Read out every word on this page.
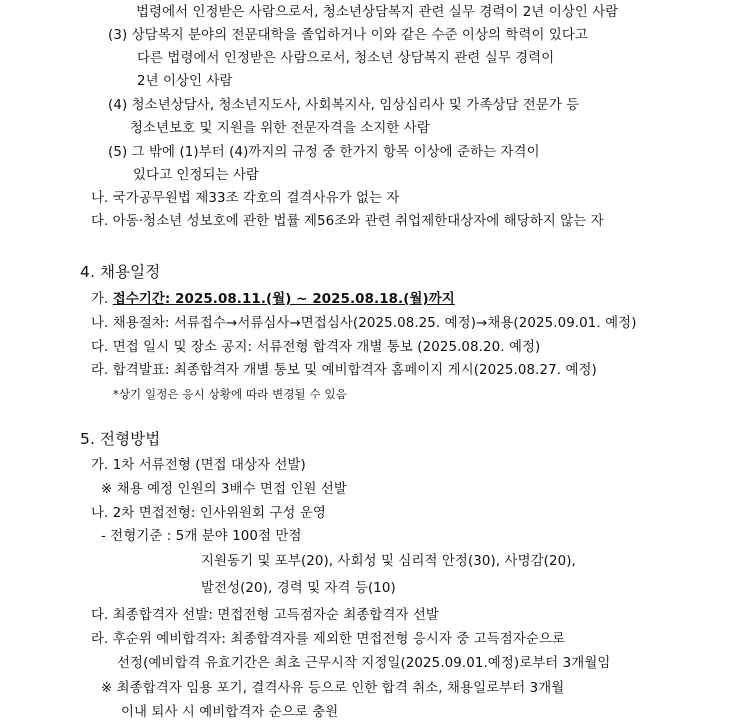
법령에서 인정받은 사람으로서, 청소년상담복지 관련 실무 경력이 2년 이상인 사람
(3) 상담복지 분야의 전문대학을 졸업하거나 이와 같은 수준 이상의 학력이 있다고
다른 법령에서 인정받은 사람으로서, 청소년 상담복지 관련 실무 경력이
2년 이상인 사람
(4) 청소년상담사, 청소년지도사, 사회복지사, 임상심리사 및 가족상담 전문가 등
청소년보호 및 지원을 위한 전문자격을 소지한 사람
(5) 그 밖에 (1)부터 (4)까지의 규정 중 한가지 항목 이상에 준하는 자격이
있다고 인정되는 사람
나. 국가공무원법 제33조 각호의 결격사유가 없는 자
다. 아동·청소년 성보호에 관한 법률 제56조와 관련 취업제한대상자에 해당하지 않는 자
4. 채용일정
가. 접수기간: 2025.08.11.(월) ~ 2025.08.18.(월)까지
나. 채용절차: 서류접수→서류심사→면접심사(2025.08.25. 예정)→채용(2025.09.01. 예정)
다. 면접 일시 및 장소 공지: 서류전형 합격자 개별 통보 (2025.08.20. 예정)
라. 합격발표: 최종합격자 개별 통보 및 예비합격자 홈페이지 게시(2025.08.27. 예정)
*상기 일정은 응시 상황에 따라 변경될 수 있음
5. 전형방법
가. 1차 서류전형 (면접 대상자 선발)
※ 채용 예정 인원의 3배수 면접 인원 선발
나. 2차 면접전형: 인사위원회 구성 운영
- 전형기준 : 5개 분야 100점 만점
지원동기 및 포부(20), 사회성 및 심리적 안정(30), 사명감(20),
발전성(20), 경력 및 자격 등(10)
다. 최종합격자 선발: 면접전형 고득점자순 최종합격자 선발
라. 후순위 예비합격자: 최종합격자를 제외한 면접전형 응시자 중 고득점자순으로
선정(예비합격 유효기간은 최초 근무시작 지정일(2025.09.01.예정)로부터 3개월임
※ 최종합격자 임용 포기, 결격사유 등으로 인한 합격 취소, 채용일로부터 3개월
이내 퇴사 시 예비합격자 순으로 충원
